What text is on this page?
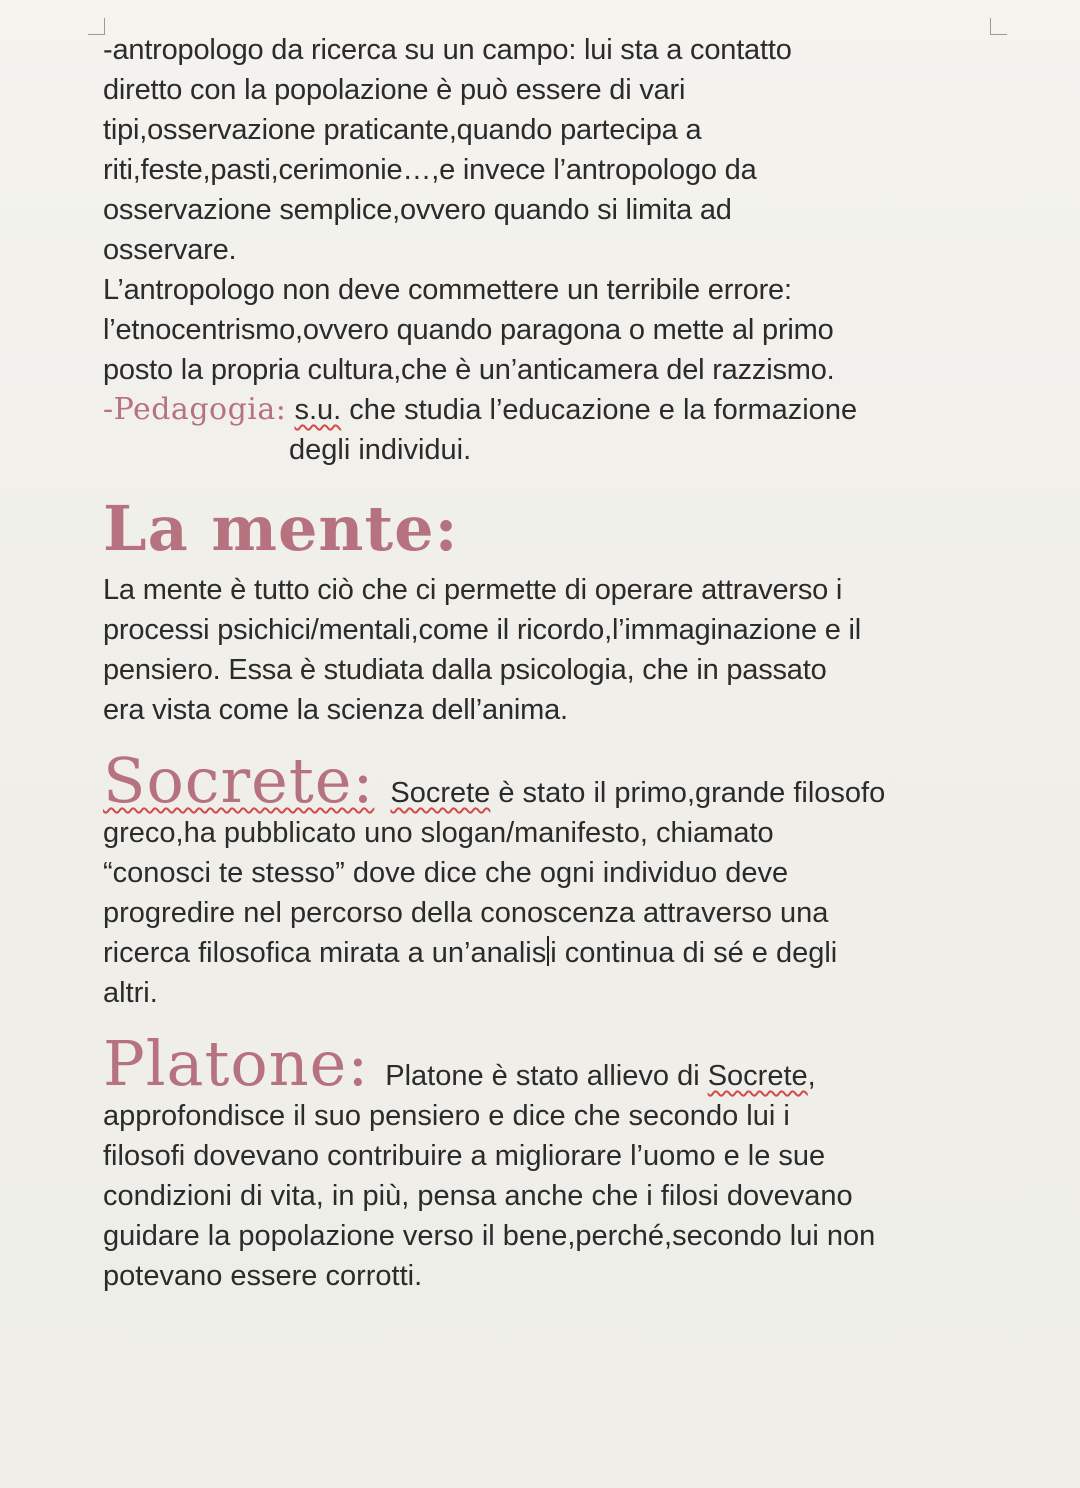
-antropologo da ricerca su un campo: lui sta a contatto
diretto con la popolazione è può essere di vari
tipi,osservazione praticante,quando partecipa a
riti,feste,pasti,cerimonie…,e invece l’antropologo da
osservazione semplice,ovvero quando si limita ad
osservare.
L’antropologo non deve commettere un terribile errore:
l’etnocentrismo,ovvero quando paragona o mette al primo
posto la propria cultura,che è un’anticamera del razzismo.
-Pedagogia: s.u. che studia l’educazione e la formazione
degli individui.
La mente:
La mente è tutto ciò che ci permette di operare attraverso i
processi psichici/mentali,come il ricordo,l’immaginazione e il
pensiero. Essa è studiata dalla psicologia, che in passato
era vista come la scienza dell’anima.
Socrete: Socrete è stato il primo,grande filosofo
greco,ha pubblicato uno slogan/manifesto, chiamato
“conosci te stesso” dove dice che ogni individuo deve
progredire nel percorso della conoscenza attraverso una
ricerca filosofica mirata a un’analis i continua di sé e degli
altri.
Platone: Platone è stato allievo di Socrete,
approfondisce il suo pensiero e dice che secondo lui i
filosofi dovevano contribuire a migliorare l’uomo e le sue
condizioni di vita, in più, pensa anche che i filosi dovevano
guidare la popolazione verso il bene,perché,secondo lui non
potevano essere corrotti.
